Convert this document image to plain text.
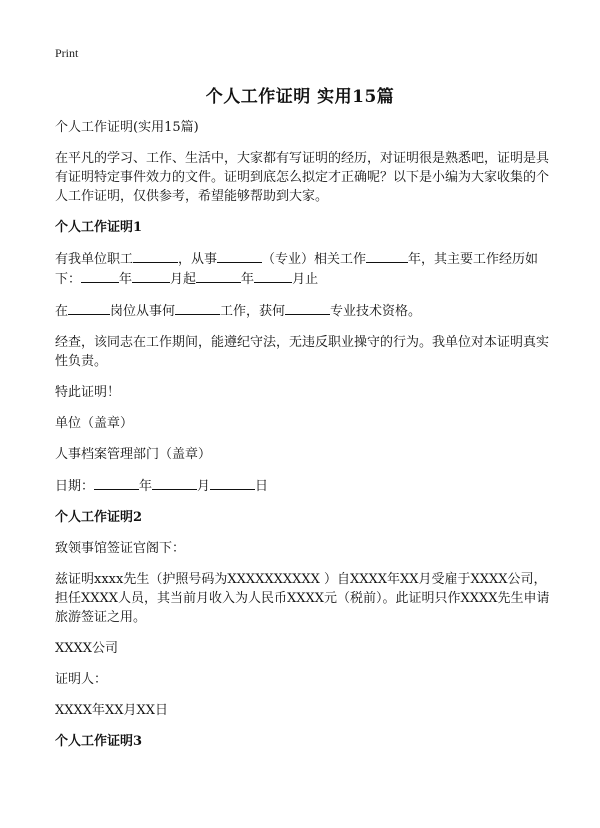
Print
个人工作证明 实用15篇

个人工作证明(实用15篇)

在平凡的学习、工作、生活中，大家都有写证明的经历，对证明很是熟悉吧，证明是具有证明特定事件效力的文件。证明到底怎么拟定才正确呢？以下是小编为大家收集的个人工作证明，仅供参考，希望能够帮助到大家。

个人工作证明1

有我单位职工	，从事	（专业）相关工作	年，其主要工作经历如下：	年	月起	年	月止

在	岗位从事何	工作，获何	专业技术资格。

经查，该同志在工作期间，能遵纪守法，无违反职业操守的行为。我单位对本证明真实性负责。

特此证明！

单位（盖章）

人事档案管理部门（盖章）

日期：	年	月	日

个人工作证明2

致领事馆签证官阁下：

兹证明xxxx先生（护照号码为XXXXXXXXXX ）自XXXX年XX月受雇于XXXX公司，担任XXXX人员，其当前月收入为人民币XXXX元（税前）。此证明只作XXXX先生申请旅游签证之用。

XXXX公司

证明人：

XXXX年XX月XX日

个人工作证明3
